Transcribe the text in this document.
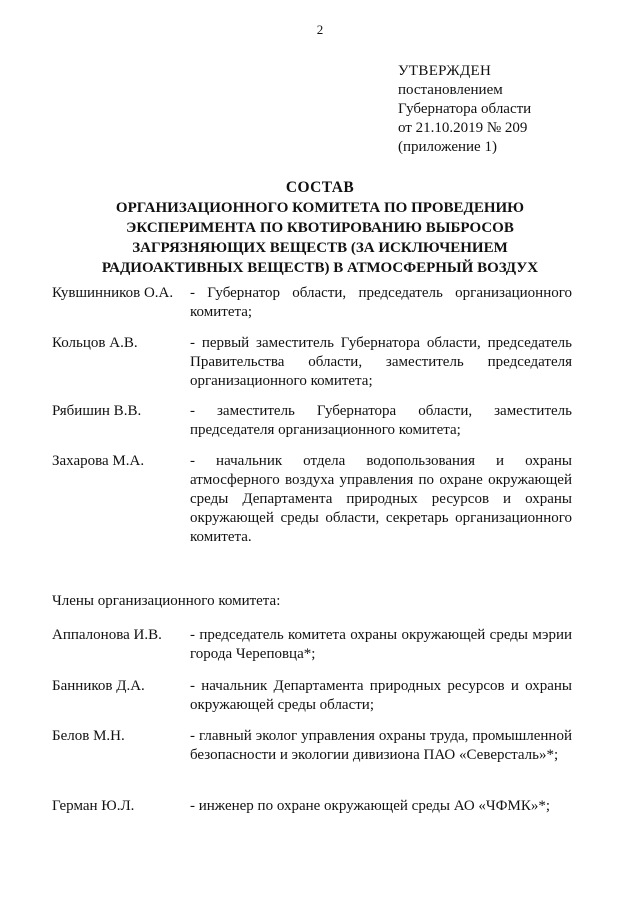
2
УТВЕРЖДЕН
постановлением
Губернатора области
от 21.10.2019 № 209
(приложение 1)
СОСТАВ
ОРГАНИЗАЦИОННОГО КОМИТЕТА ПО ПРОВЕДЕНИЮ
ЭКСПЕРИМЕНТА ПО КВОТИРОВАНИЮ ВЫБРОСОВ
ЗАГРЯЗНЯЮЩИХ ВЕЩЕСТВ (ЗА ИСКЛЮЧЕНИЕМ
РАДИОАКТИВНЫХ ВЕЩЕСТВ) В АТМОСФЕРНЫЙ ВОЗДУХ
Кувшинников О.А.	- Губернатор области, председатель организационного комитета;
Кольцов А.В.	- первый заместитель Губернатора области, председатель Правительства области, заместитель председателя организационного комитета;
Рябишин В.В.	- заместитель Губернатора области, заместитель председателя организационного комитета;
Захарова М.А.	- начальник отдела водопользования и охраны атмосферного воздуха управления по охране окружающей среды Департамента природных ресурсов и охраны окружающей среды области, секретарь организационного комитета.
Члены организационного комитета:
Аппалонова И.В.	- председатель комитета охраны окружающей среды мэрии города Череповца*;
Банников Д.А.	- начальник Департамента природных ресурсов и охраны окружающей среды области;
Белов М.Н.	- главный эколог управления охраны труда, промышленной безопасности и экологии дивизиона ПАО «Северсталь»*;
Герман Ю.Л.	- инженер по охране окружающей среды АО «ЧФМК»*;
